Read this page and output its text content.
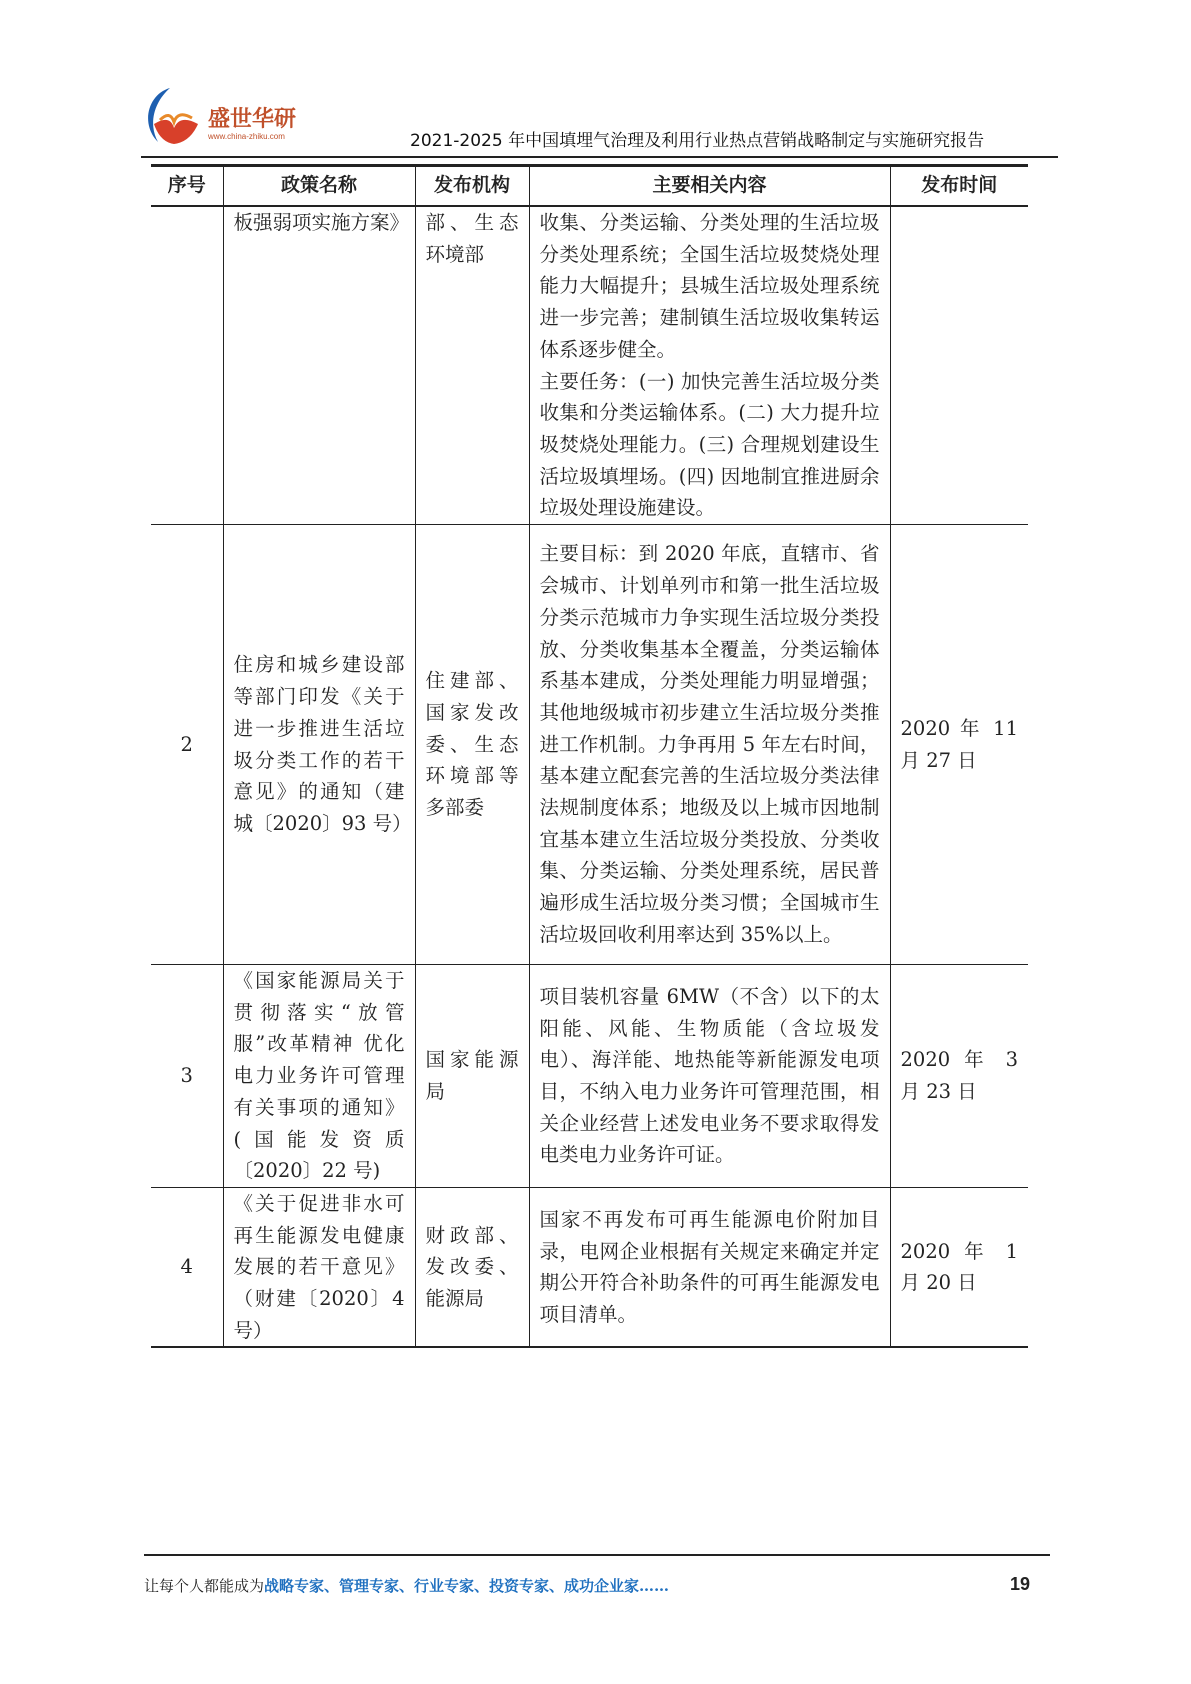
盛世华研
www.china-zhiku.com	2021-2025 年中国填埋气治理及利用行业热点营销战略制定与实施研究报告
序号	政策名称	发布机构	主要相关内容	发布时间
	板强弱项实施方案》	部、生态环境部	收集、分类运输、分类处理的生活垃圾分类处理系统；全国生活垃圾焚烧处理能力大幅提升；县城生活垃圾处理系统进一步完善；建制镇生活垃圾收集转运体系逐步健全。
主要任务：(一) 加快完善生活垃圾分类收集和分类运输体系。(二) 大力提升垃圾焚烧处理能力。(三) 合理规划建设生活垃圾填埋场。(四) 因地制宜推进厨余垃圾处理设施建设。	

2	住房和城乡建设部等部门印发《关于进一步推进生活垃圾分类工作的若干意见》的通知（建城〔2020〕93 号）	住建部、国家发改委、生态环境部等多部委	主要目标：到 2020 年底，直辖市、省会城市、计划单列市和第一批生活垃圾分类示范城市力争实现生活垃圾分类投放、分类收集基本全覆盖，分类运输体系基本建成，分类处理能力明显增强；其他地级城市初步建立生活垃圾分类推进工作机制。力争再用 5 年左右时间，基本建立配套完善的生活垃圾分类法律法规制度体系；地级及以上城市因地制宜基本建立生活垃圾分类投放、分类收集、分类运输、分类处理系统，居民普遍形成生活垃圾分类习惯；全国城市生活垃圾回收利用率达到 35%以上。	2020 年 11 月 27 日
3	《国家能源局关于贯彻落实“放管服”改革精神 优化电力业务许可管理有关事项的通知》(国能发资质〔2020〕22 号)	国家能源局	项目装机容量 6MW（不含）以下的太阳能、风能、生物质能（含垃圾发电）、海洋能、地热能等新能源发电项目，不纳入电力业务许可管理范围，相关企业经营上述发电业务不要求取得发电类电力业务许可证。	2020 年 3 月 23 日
4	《关于促进非水可再生能源发电健康发展的若干意见》（财建〔2020〕4 号）	财政部、发改委、能源局	国家不再发布可再生能源电价附加目录，电网企业根据有关规定来确定并定期公开符合补助条件的可再生能源发电项目清单。	2020 年 1 月 20 日
让每个人都能成为战略专家、管理专家、行业专家、投资专家、成功企业家……	19
